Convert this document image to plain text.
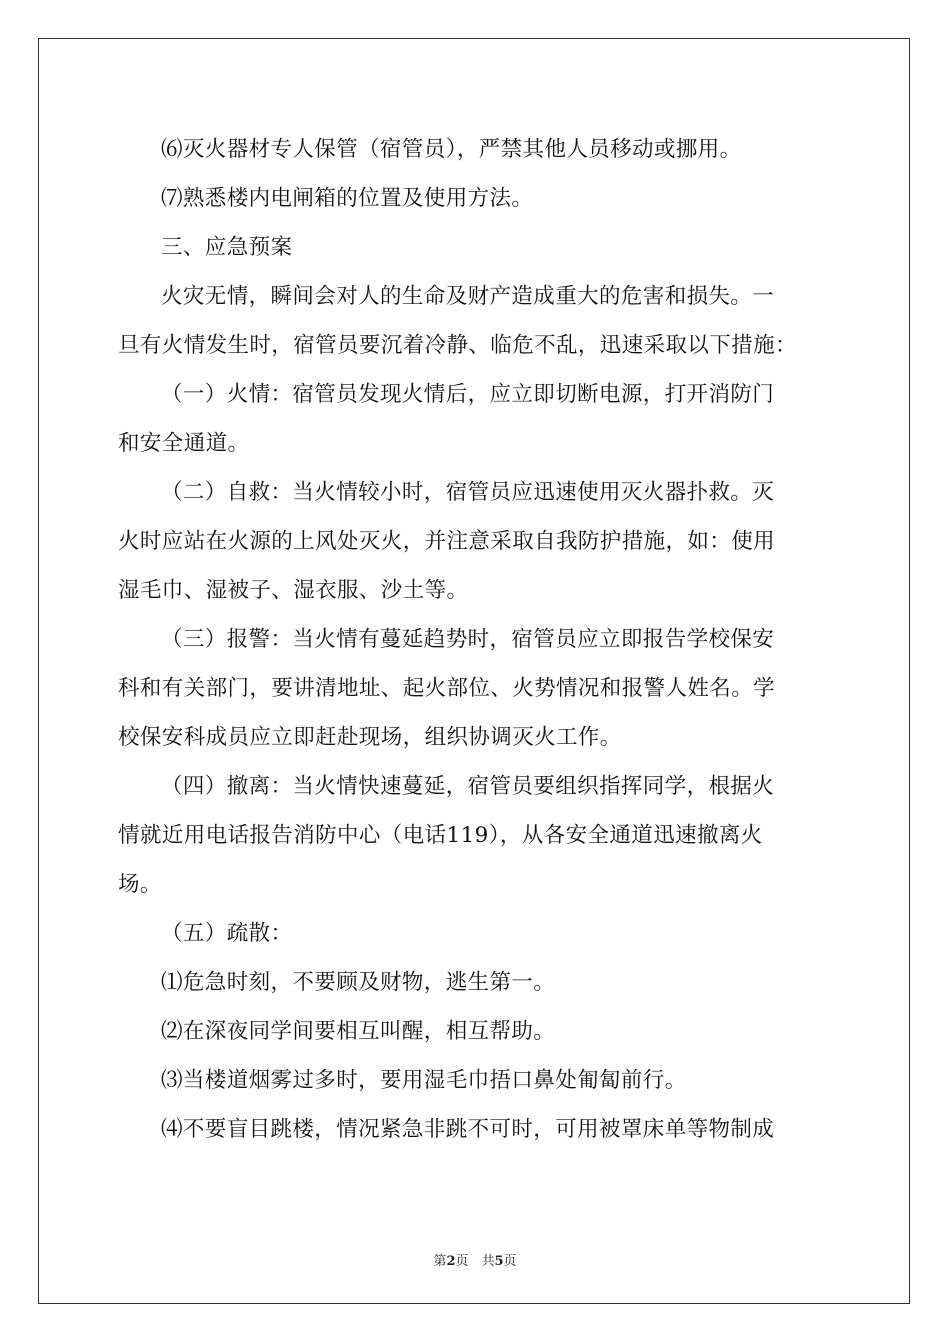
⑹灭火器材专人保管（宿管员），严禁其他人员移动或挪用。

⑺熟悉楼内电闸箱的位置及使用方法。

三、应急预案

火灾无情，瞬间会对人的生命及财产造成重大的危害和损失。一

旦有火情发生时，宿管员要沉着冷静、临危不乱，迅速采取以下措施：

（一）火情：宿管员发现火情后，应立即切断电源，打开消防门

和安全通道。

（二）自救：当火情较小时，宿管员应迅速使用灭火器扑救。灭

火时应站在火源的上风处灭火，并注意采取自我防护措施，如：使用

湿毛巾、湿被子、湿衣服、沙土等。

（三）报警：当火情有蔓延趋势时，宿管员应立即报告学校保安

科和有关部门，要讲清地址、起火部位、火势情况和报警人姓名。学

校保安科成员应立即赶赴现场，组织协调灭火工作。

（四）撤离：当火情快速蔓延，宿管员要组织指挥同学，根据火

情就近用电话报告消防中心（电话119），从各安全通道迅速撤离火

场。

（五）疏散：

⑴危急时刻，不要顾及财物，逃生第一。

⑵在深夜同学间要相互叫醒，相互帮助。

⑶当楼道烟雾过多时，要用湿毛巾捂口鼻处匍匐前行。

⑷不要盲目跳楼，情况紧急非跳不可时，可用被罩床单等物制成

第2页　共5页
